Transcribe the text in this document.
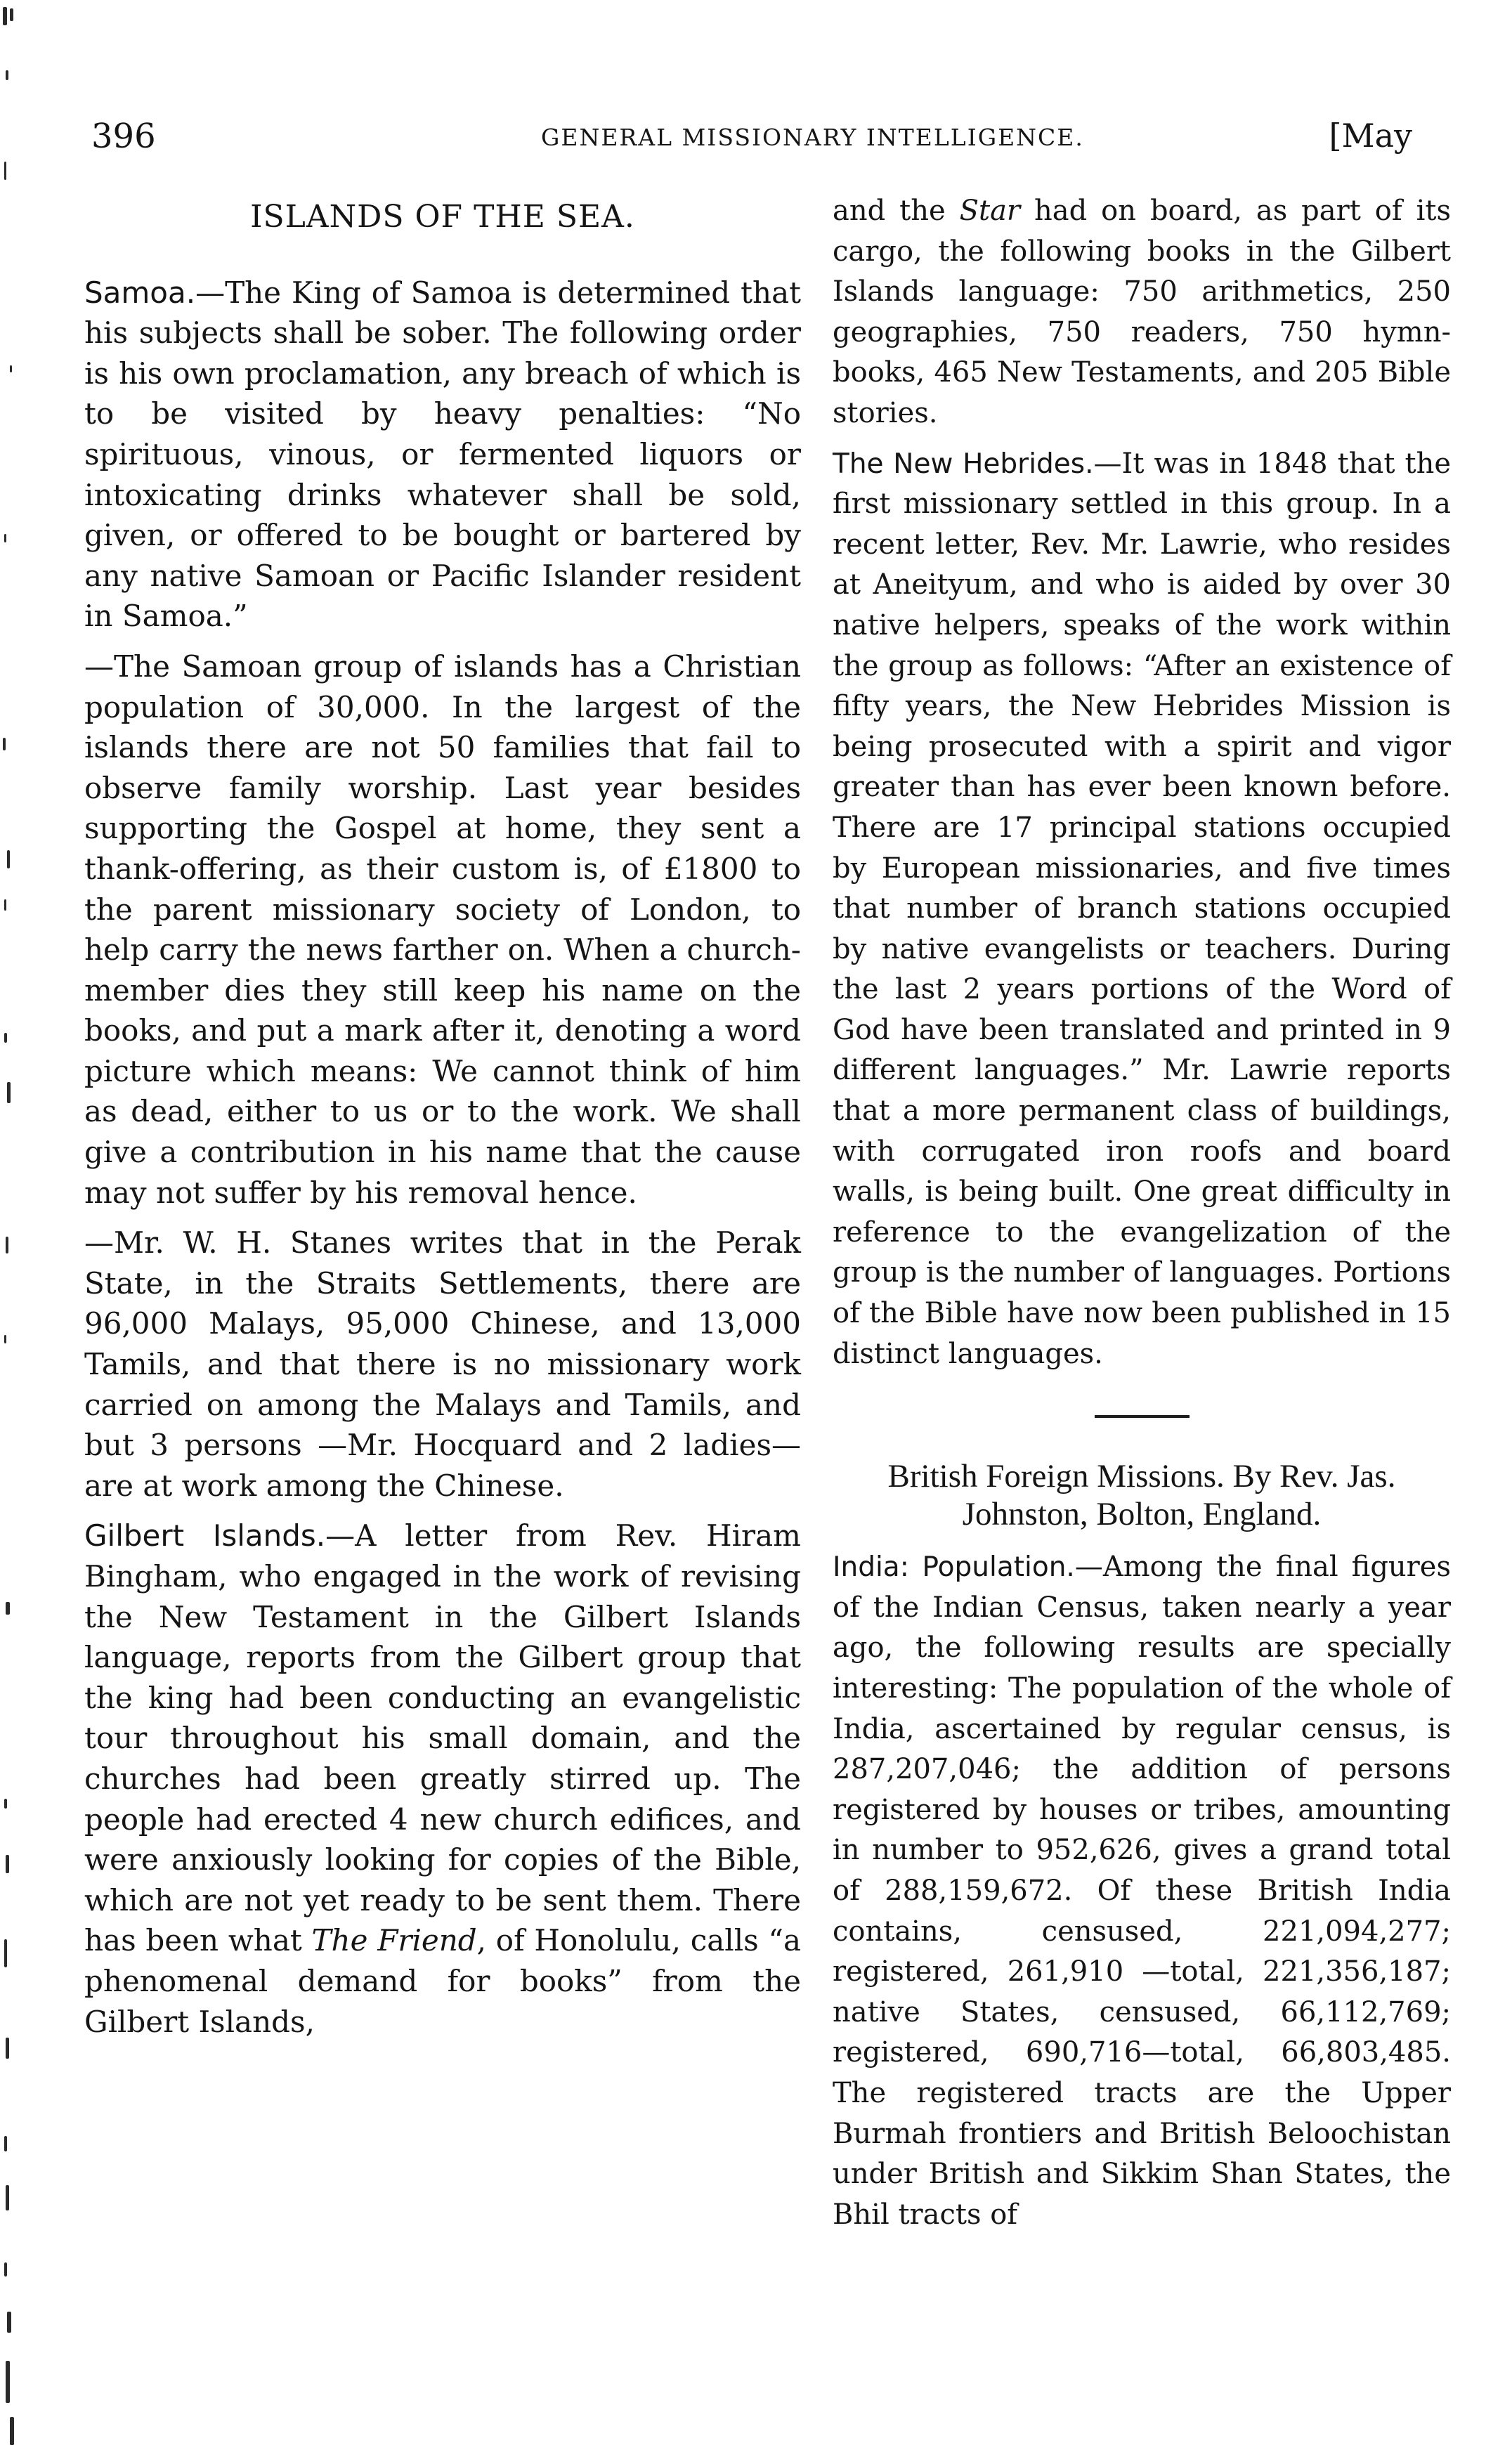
396	GENERAL MISSIONARY INTELLIGENCE.	[May
ISLANDS OF THE SEA.

Samoa.—The King of Samoa is determined that his subjects shall be sober. The following order is his own proclamation, any breach of which is to be visited by heavy penalties: “No spirituous, vinous, or fermented liquors or intoxicating drinks whatever shall be sold, given, or offered to be bought or bartered by any native Samoan or Pacific Islander resident in Samoa.”

—The Samoan group of islands has a Christian population of 30,000. In the largest of the islands there are not 50 families that fail to observe family worship. Last year besides supporting the Gospel at home, they sent a thank-offering, as their custom is, of £1800 to the parent missionary society of London, to help carry the news farther on. When a church-member dies they still keep his name on the books, and put a mark after it, denoting a word picture which means: We cannot think of him as dead, either to us or to the work. We shall give a contribution in his name that the cause may not suffer by his removal hence.

—Mr. W. H. Stanes writes that in the Perak State, in the Straits Settlements, there are 96,000 Malays, 95,000 Chinese, and 13,000 Tamils, and that there is no missionary work carried on among the Malays and Tamils, and but 3 persons —Mr. Hocquard and 2 ladies—are at work among the Chinese.

Gilbert Islands.—A letter from Rev. Hiram Bingham, who engaged in the work of revising the New Testament in the Gilbert Islands language, reports from the Gilbert group that the king had been conducting an evangelistic tour throughout his small domain, and the churches had been greatly stirred up. The people had erected 4 new church edifices, and were anxiously looking for copies of the Bible, which are not yet ready to be sent them. There has been what The Friend, of Honolulu, calls “a phenomenal demand for books” from the Gilbert Islands,

and the Star had on board, as part of its cargo, the following books in the Gilbert Islands language: 750 arithmetics, 250 geographies, 750 readers, 750 hymn-books, 465 New Testaments, and 205 Bible stories.

The New Hebrides.—It was in 1848 that the first missionary settled in this group. In a recent letter, Rev. Mr. Lawrie, who resides at Aneityum, and who is aided by over 30 native helpers, speaks of the work within the group as follows: “After an existence of fifty years, the New Hebrides Mission is being prosecuted with a spirit and vigor greater than has ever been known before. There are 17 principal stations occupied by European missionaries, and five times that number of branch stations occupied by native evangelists or teachers. During the last 2 years portions of the Word of God have been translated and printed in 9 different languages.” Mr. Lawrie reports that a more permanent class of buildings, with corrugated iron roofs and board walls, is being built. One great difficulty in reference to the evangelization of the group is the number of languages. Portions of the Bible have now been published in 15 distinct languages.

British Foreign Missions. By Rev. Jas.
Johnston, Bolton, England.

India: Population.—Among the final figures of the Indian Census, taken nearly a year ago, the following results are specially interesting: The population of the whole of India, ascertained by regular census, is 287,207,046; the addition of persons registered by houses or tribes, amounting in number to 952,626, gives a grand total of 288,159,672. Of these British India contains, censused, 221,094,277; registered, 261,910 —total, 221,356,187; native States, censused, 66,112,769; registered, 690,716—total, 66,803,485. The registered tracts are the Upper Burmah frontiers and British Beloochistan under British and Sikkim Shan States, the Bhil tracts of
